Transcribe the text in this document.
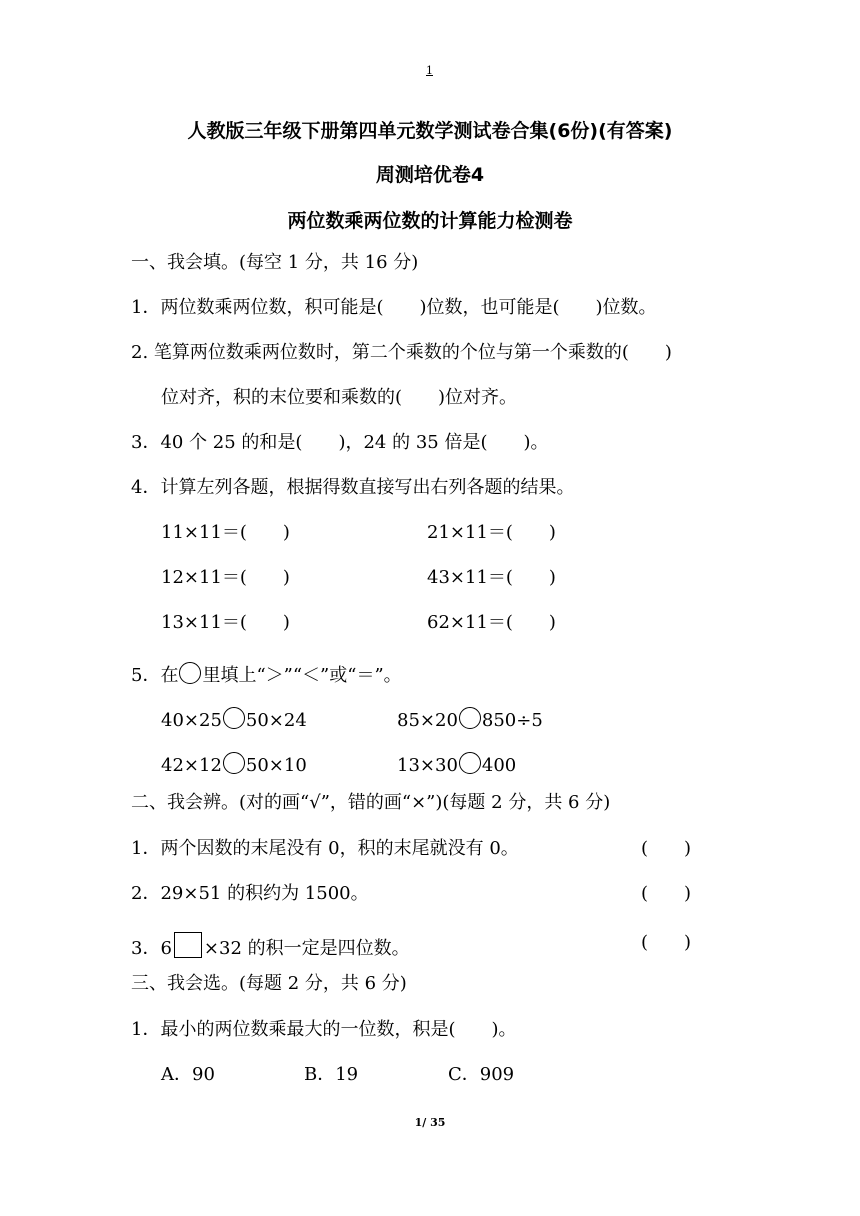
1
人教版三年级下册第四单元数学测试卷合集(6份)(有答案)
周测培优卷4
两位数乘两位数的计算能力检测卷
一、我会填。(每空 1 分，共 16 分)
1．两位数乘两位数，积可能是(　　)位数，也可能是(　　)位数。
2. 笔算两位数乘两位数时，第二个乘数的个位与第一个乘数的(　　)
位对齐，积的末位要和乘数的(　　)位对齐。
3．40 个 25 的和是(　　)，24 的 35 倍是(　　)。
4．计算左列各题，根据得数直接写出右列各题的结果。
11×11＝(　　)	21×11＝(　　)
12×11＝(　　)	43×11＝(　　)
13×11＝(　　)	62×11＝(　　)
5．在 里填上“＞”“＜”或“＝”。
40×25 50×24	85×20 850÷5
42×12 50×10	13×30 400
二、我会辨。(对的画“√”，错的画“×”)(每题 2 分，共 6 分)
1．两个因数的末尾没有 0，积的末尾就没有 0。	(　　)
2．29×51 的积约为 1500。	(　　)
3．6 ×32 的积一定是四位数。	(　　)
三、我会选。(每题 2 分，共 6 分)
1．最小的两位数乘最大的一位数，积是(　　)。
A．90	B．19	C．909
1/ 35
